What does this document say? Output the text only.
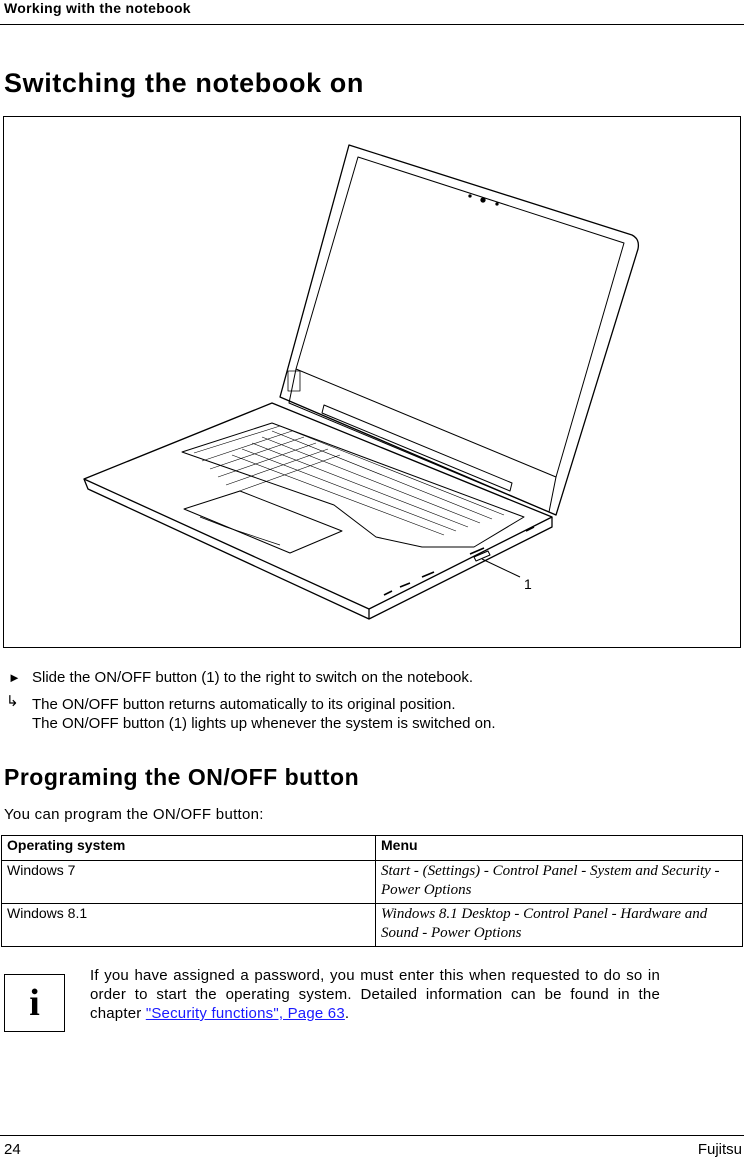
Working with the notebook
Switching the notebook on
1
► Slide the ON/OFF button (1) to the right to switch on the notebook.
↳ The ON/OFF button returns automatically to its original position.
The ON/OFF button (1) lights up whenever the system is switched on.
Programing the ON/OFF button
You can program the ON/OFF button:
Operating system	Menu
Windows 7	Start - (Settings) - Control Panel - System and Security - Power Options
Windows 8.1	Windows 8.1 Desktop - Control Panel - Hardware and Sound - Power Options
i
If you have assigned a password, you must enter this when requested to do so in order to start the operating system. Detailed information can be found in the chapter "Security functions", Page 63.
24	Fujitsu
